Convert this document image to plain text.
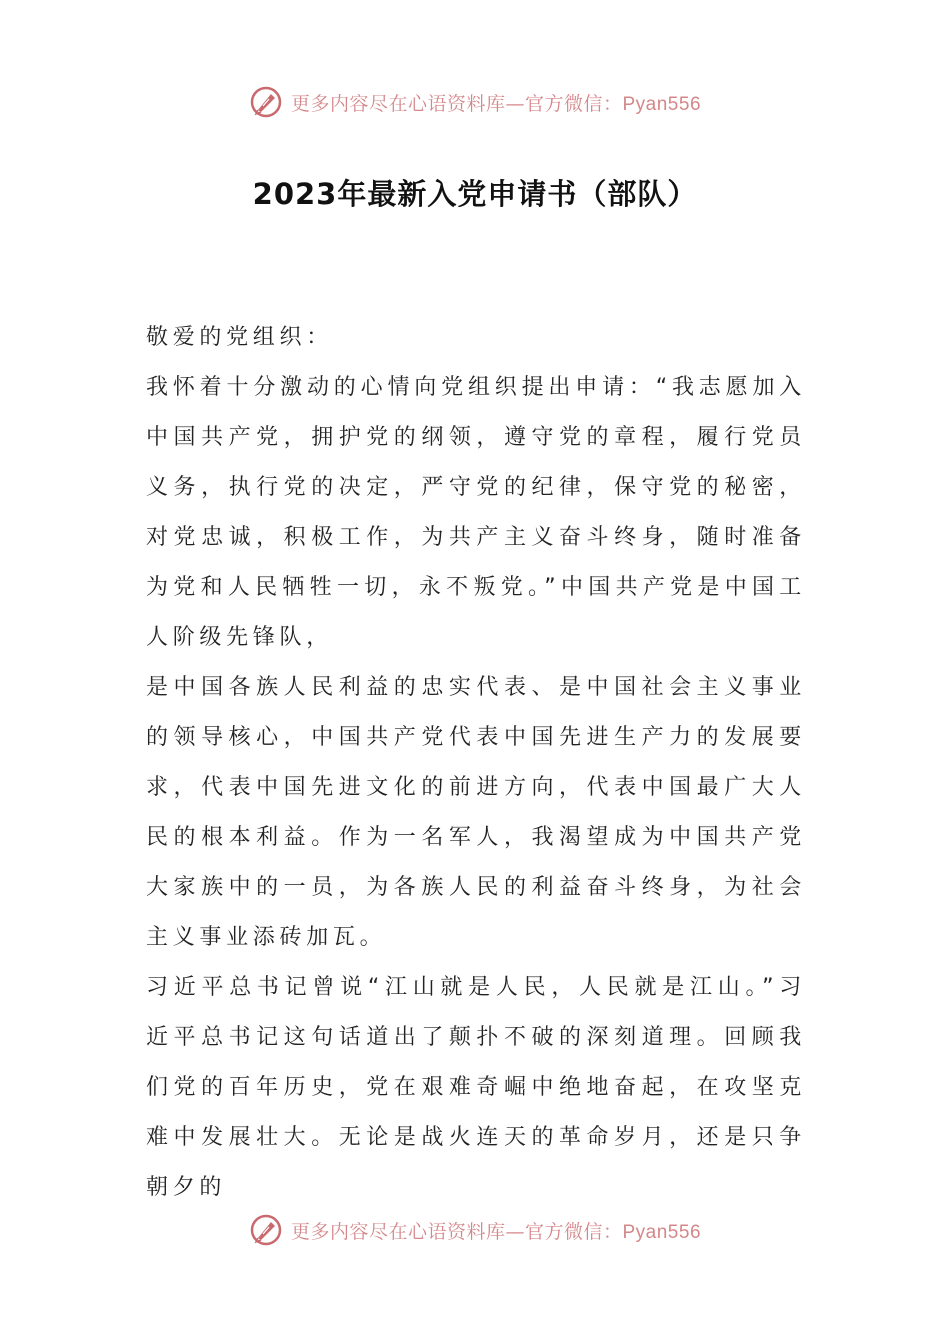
更多内容尽在心语资料库—官方微信：Pyan556
2023年最新入党申请书（部队）

敬爱的党组织：

我怀着十分激动的心情向党组织提出申请：“我志愿加入中国共产党，拥护党的纲领，遵守党的章程，履行党员义务，执行党的决定，严守党的纪律，保守党的秘密，对党忠诚，积极工作，为共产主义奋斗终身，随时准备为党和人民牺牲一切，永不叛党。”中国共产党是中国工人阶级先锋队，

是中国各族人民利益的忠实代表、是中国社会主义事业的领导核心，中国共产党代表中国先进生产力的发展要求，代表中国先进文化的前进方向，代表中国最广大人民的根本利益。作为一名军人，我渴望成为中国共产党大家族中的一员，为各族人民的利益奋斗终身，为社会主义事业添砖加瓦。

习近平总书记曾说“江山就是人民，人民就是江山。”习近平总书记这句话道出了颠扑不破的深刻道理。回顾我们党的百年历史，党在艰难奇崛中绝地奋起，在攻坚克难中发展壮大。无论是战火连天的革命岁月，还是只争朝夕的

更多内容尽在心语资料库—官方微信：Pyan556
